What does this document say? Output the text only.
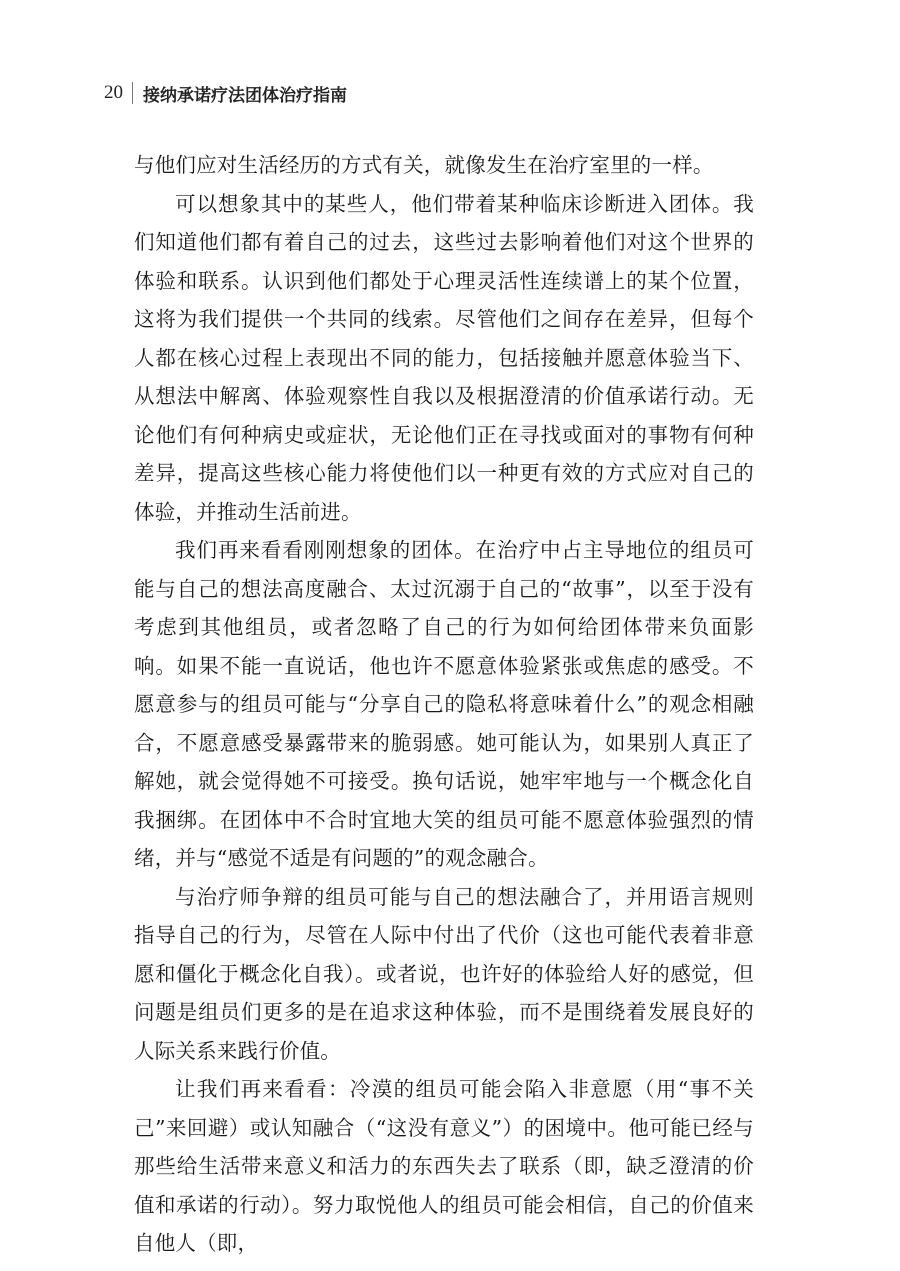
20 接纳承诺疗法团体治疗指南

与他们应对生活经历的方式有关，就像发生在治疗室里的一样。

可以想象其中的某些人，他们带着某种临床诊断进入团体。我们知道他们都有着自己的过去，这些过去影响着他们对这个世界的体验和联系。认识到他们都处于心理灵活性连续谱上的某个位置，这将为我们提供一个共同的线索。尽管他们之间存在差异，但每个人都在核心过程上表现出不同的能力，包括接触并愿意体验当下、从想法中解离、体验观察性自我以及根据澄清的价值承诺行动。无论他们有何种病史或症状，无论他们正在寻找或面对的事物有何种差异，提高这些核心能力将使他们以一种更有效的方式应对自己的体验，并推动生活前进。

我们再来看看刚刚想象的团体。在治疗中占主导地位的组员可能与自己的想法高度融合、太过沉溺于自己的“故事”，以至于没有考虑到其他组员，或者忽略了自己的行为如何给团体带来负面影响。如果不能一直说话，他也许不愿意体验紧张或焦虑的感受。不愿意参与的组员可能与“分享自己的隐私将意味着什么”的观念相融合，不愿意感受暴露带来的脆弱感。她可能认为，如果别人真正了解她，就会觉得她不可接受。换句话说，她牢牢地与一个概念化自我捆绑。在团体中不合时宜地大笑的组员可能不愿意体验强烈的情绪，并与“感觉不适是有问题的”的观念融合。

与治疗师争辩的组员可能与自己的想法融合了，并用语言规则指导自己的行为，尽管在人际中付出了代价（这也可能代表着非意愿和僵化于概念化自我）。或者说，也许好的体验给人好的感觉，但问题是组员们更多的是在追求这种体验，而不是围绕着发展良好的人际关系来践行价值。

让我们再来看看：冷漠的组员可能会陷入非意愿（用“事不关己”来回避）或认知融合（“这没有意义”）的困境中。他可能已经与那些给生活带来意义和活力的东西失去了联系（即，缺乏澄清的价值和承诺的行动）。努力取悦他人的组员可能会相信，自己的价值来自他人（即，
